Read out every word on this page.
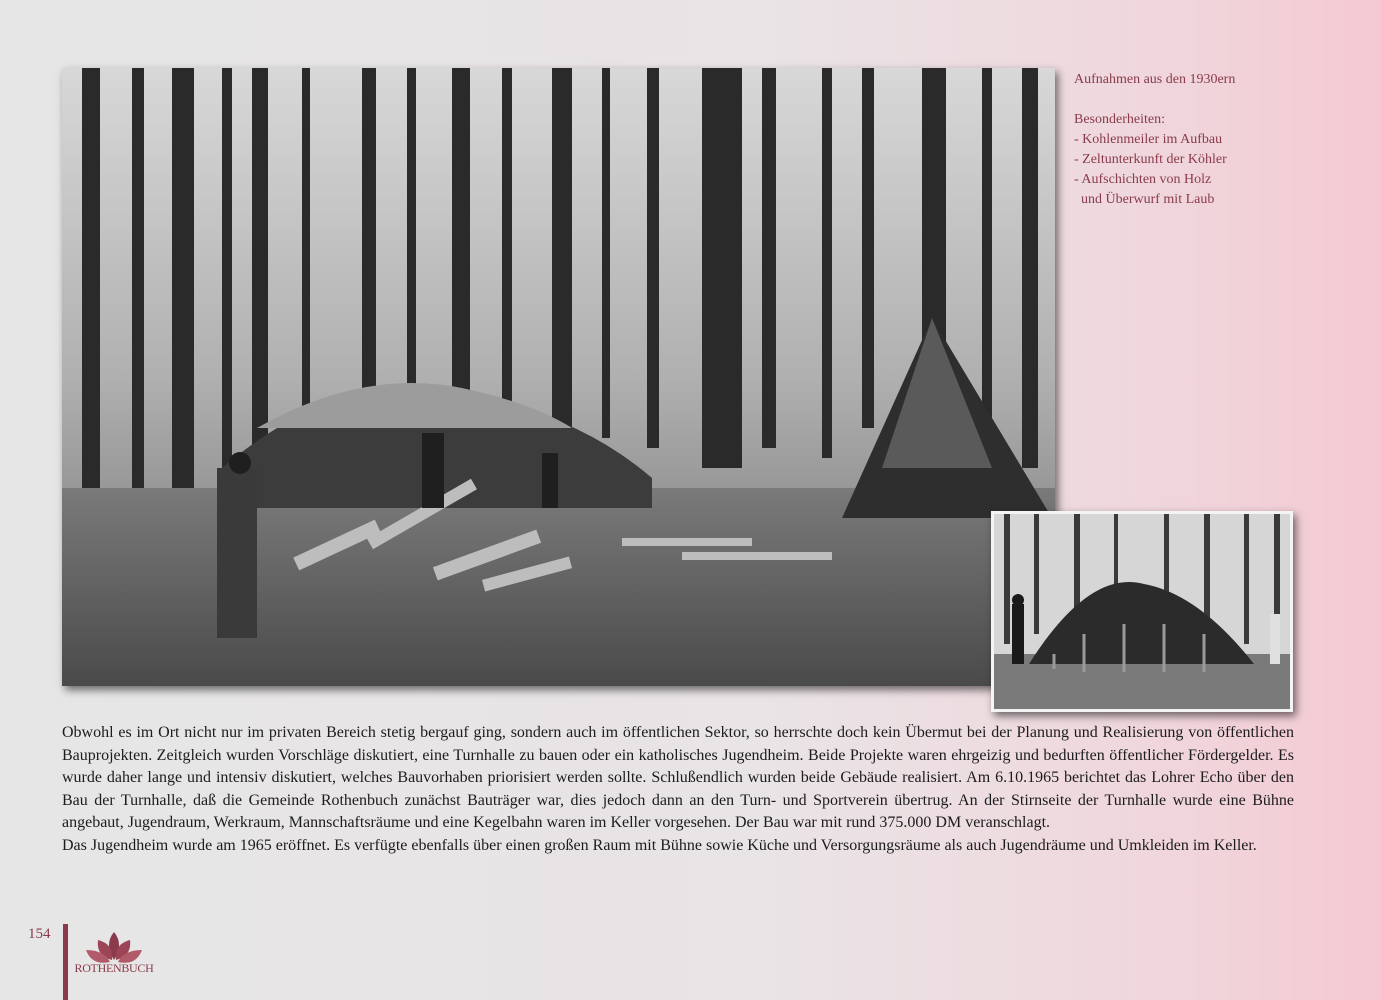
Aufnahmen aus den 1930ern

Besonderheiten:

- Kohlenmeiler im Aufbau

- Zeltunterkunft der Köhler

- Aufschichten von Holz

und Überwurf mit Laub

Obwohl es im Ort nicht nur im privaten Bereich stetig bergauf ging, sondern auch im öffentlichen Sektor, so herrschte doch kein Übermut bei der Planung und Realisierung von öffentlichen Bauprojekten. Zeitgleich wurden Vorschläge diskutiert, eine Turnhalle zu bauen oder ein katholisches Jugendheim. Beide Projekte waren ehrgeizig und bedurften öffentlicher Fördergelder. Es wurde daher lange und intensiv diskutiert, welches Bauvorhaben priorisiert werden sollte. Schlußendlich wurden beide Gebäude realisiert. Am 6.10.1965 berichtet das Lohrer Echo über den Bau der Turnhalle, daß die Gemeinde Rothenbuch zunächst Bauträger war, dies jedoch dann an den Turn- und Sportverein übertrug. An der Stirnseite der Turnhalle wurde eine Bühne angebaut, Jugendraum, Werkraum, Mannschaftsräume und eine Kegelbahn waren im Keller vorgesehen. Der Bau war mit rund 375.000 DM veranschlagt.

Das Jugendheim wurde am 1965 eröffnet. Es verfügte ebenfalls über einen großen Raum mit Bühne sowie Küche und Versorgungsräume als auch Jugendräume und Umkleiden im Keller.

154
ROTHENBUCH
